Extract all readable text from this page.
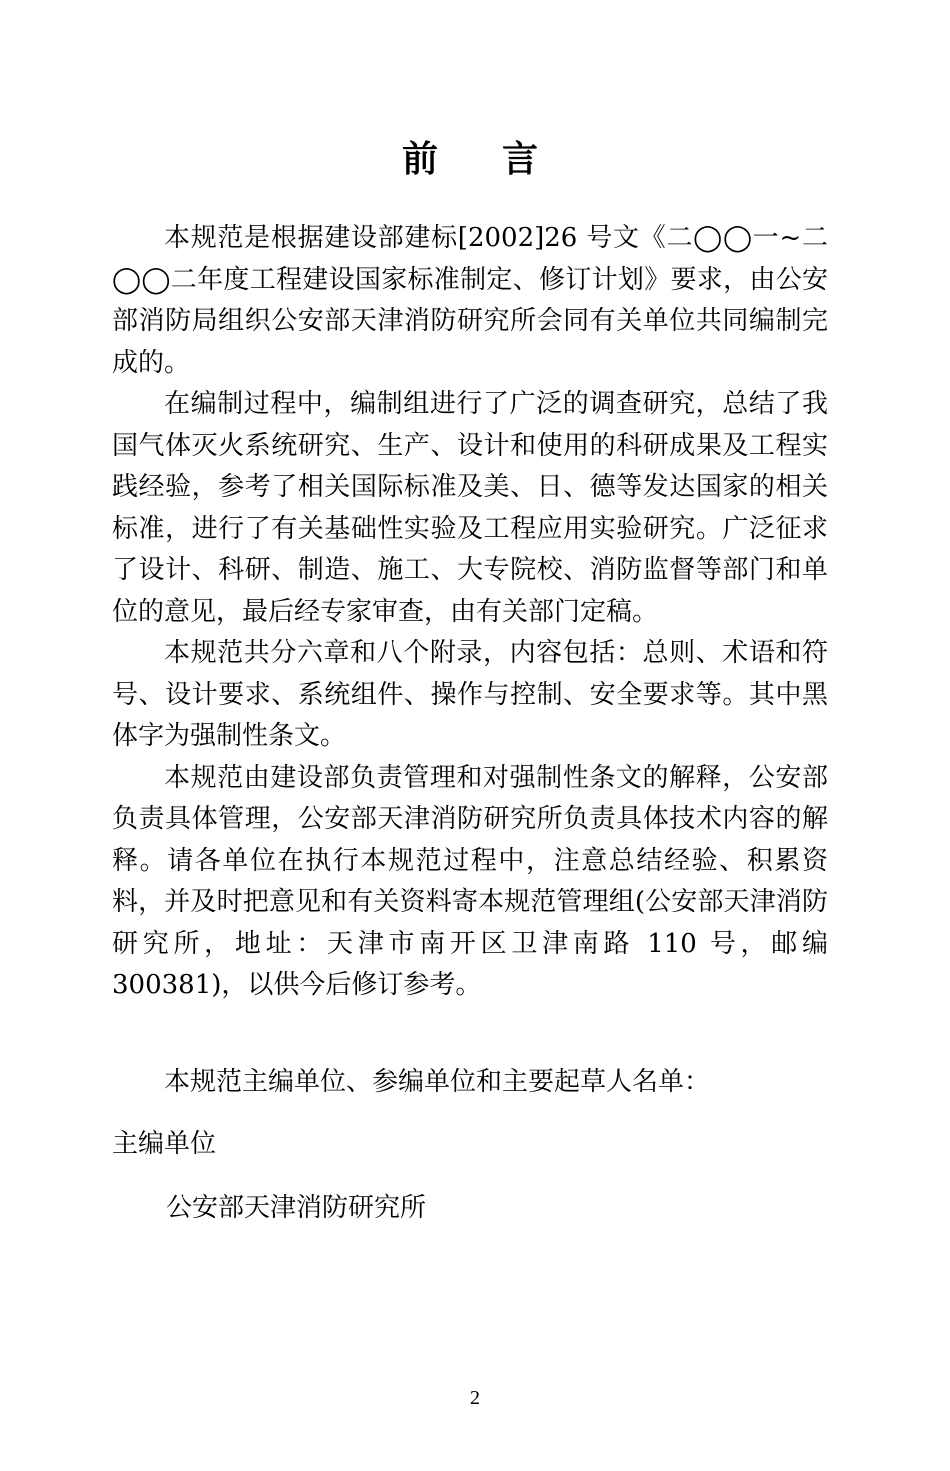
前言

本规范是根据建设部建标[2002]26 号文《二◯◯一~二◯◯二年度工程建设国家标准制定、修订计划》要求，由公安部消防局组织公安部天津消防研究所会同有关单位共同编制完成的。

在编制过程中，编制组进行了广泛的调查研究，总结了我国气体灭火系统研究、生产、设计和使用的科研成果及工程实践经验，参考了相关国际标准及美、日、德等发达国家的相关标准，进行了有关基础性实验及工程应用实验研究。广泛征求了设计、科研、制造、施工、大专院校、消防监督等部门和单位的意见，最后经专家审查，由有关部门定稿。

本规范共分六章和八个附录，内容包括：总则、术语和符号、设计要求、系统组件、操作与控制、安全要求等。其中黑体字为强制性条文。

本规范由建设部负责管理和对强制性条文的解释，公安部负责具体管理，公安部天津消防研究所负责具体技术内容的解释。请各单位在执行本规范过程中，注意总结经验、积累资料，并及时把意见和有关资料寄本规范管理组(公安部天津消防研究所，地址：天津市南开区卫津南路 110 号，邮编 300381)，以供今后修订参考。

本规范主编单位、参编单位和主要起草人名单：

主编单位

公安部天津消防研究所

2
